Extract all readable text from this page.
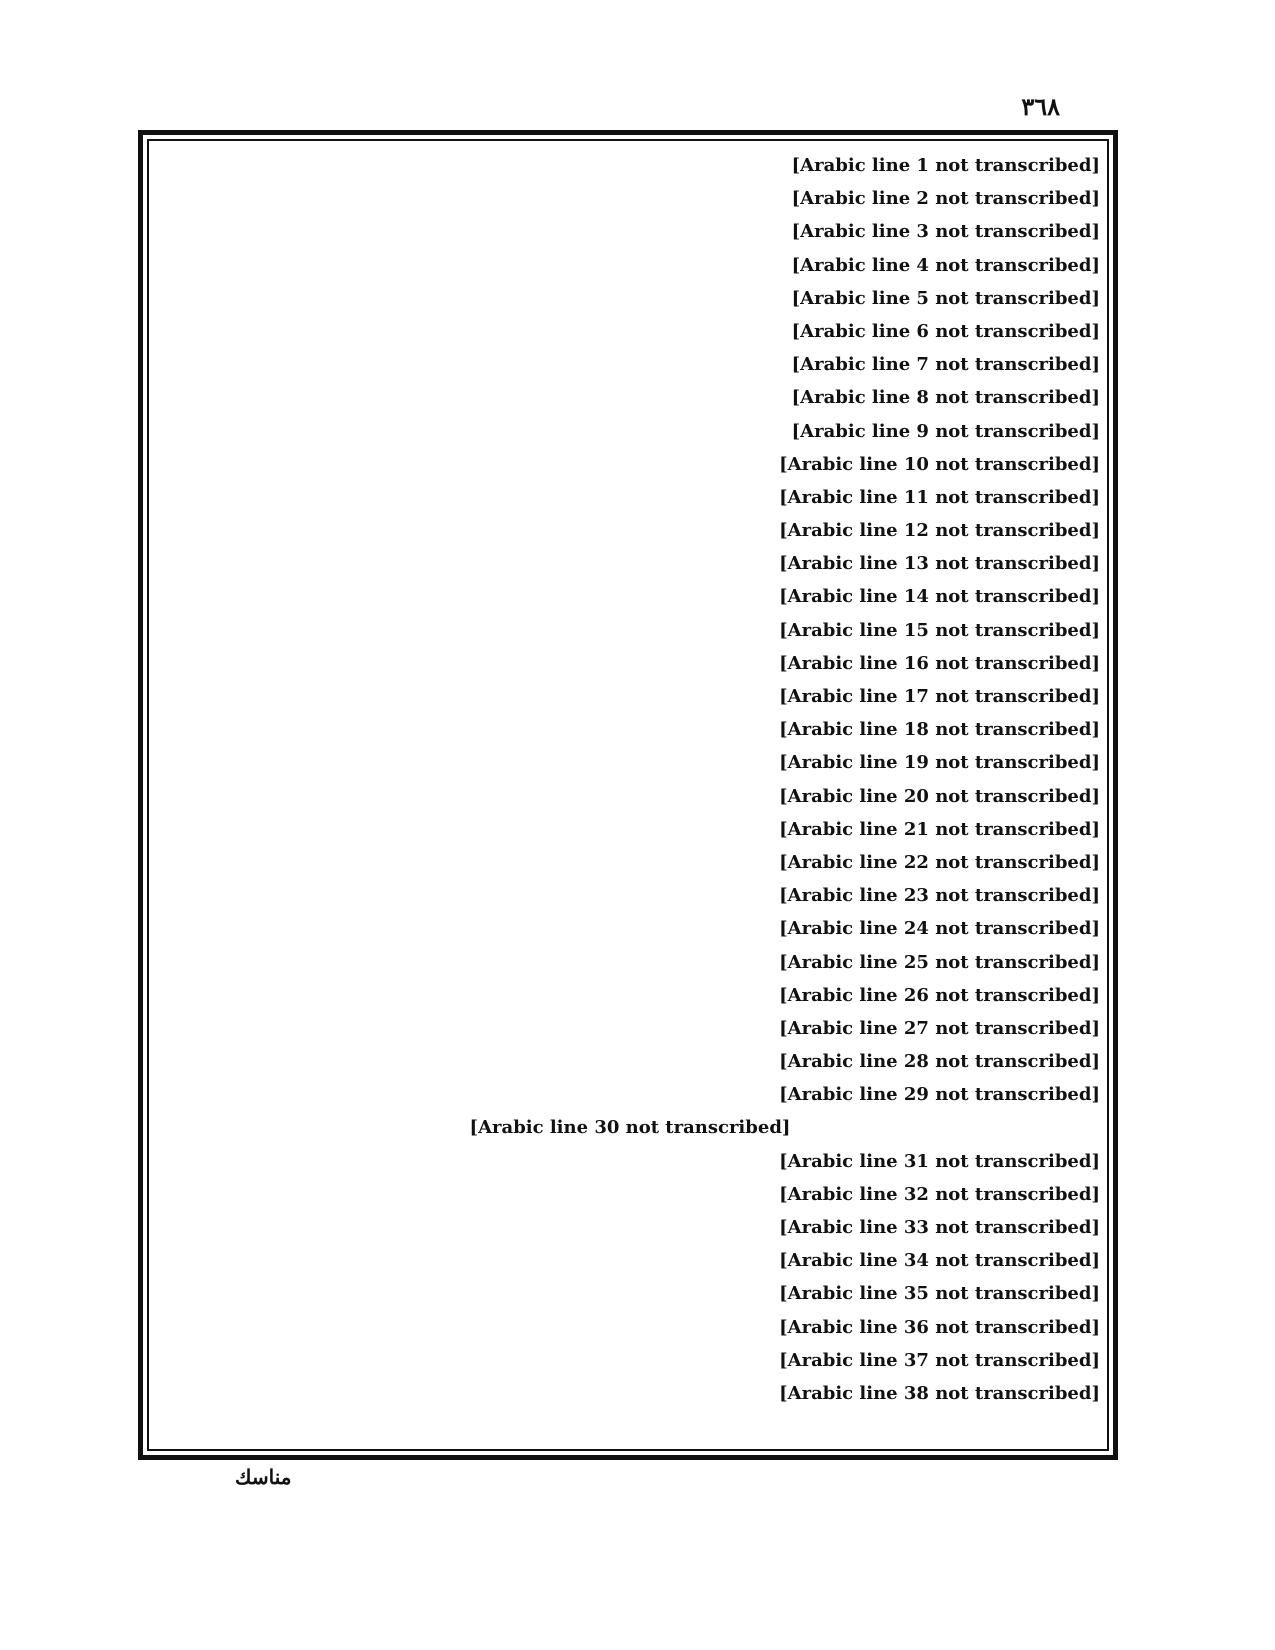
٣٦٨
[Arabic line 1 not transcribed]
[Arabic line 2 not transcribed]
[Arabic line 3 not transcribed]
[Arabic line 4 not transcribed]
[Arabic line 5 not transcribed]
[Arabic line 6 not transcribed]
[Arabic line 7 not transcribed]
[Arabic line 8 not transcribed]
[Arabic line 9 not transcribed]
[Arabic line 10 not transcribed]
[Arabic line 11 not transcribed]
[Arabic line 12 not transcribed]
[Arabic line 13 not transcribed]
[Arabic line 14 not transcribed]
[Arabic line 15 not transcribed]
[Arabic line 16 not transcribed]
[Arabic line 17 not transcribed]
[Arabic line 18 not transcribed]
[Arabic line 19 not transcribed]
[Arabic line 20 not transcribed]
[Arabic line 21 not transcribed]
[Arabic line 22 not transcribed]
[Arabic line 23 not transcribed]
[Arabic line 24 not transcribed]
[Arabic line 25 not transcribed]
[Arabic line 26 not transcribed]
[Arabic line 27 not transcribed]
[Arabic line 28 not transcribed]
[Arabic line 29 not transcribed]
[Arabic line 30 not transcribed]
[Arabic line 31 not transcribed]
[Arabic line 32 not transcribed]
[Arabic line 33 not transcribed]
[Arabic line 34 not transcribed]
[Arabic line 35 not transcribed]
[Arabic line 36 not transcribed]
[Arabic line 37 not transcribed]
[Arabic line 38 not transcribed]
مناسك
